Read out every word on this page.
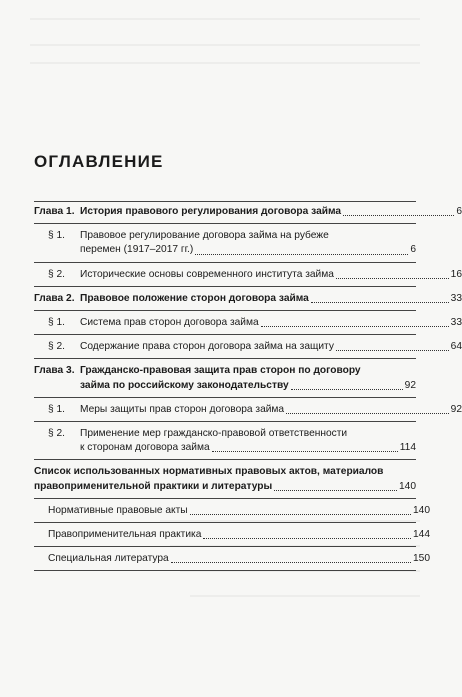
ОГЛАВЛЕНИЕ
Глава 1. История правового регулирования договора займа	6
§ 1.	Правовое регулирование договора займа на рубеже
перемен (1917–2017 гг.)	6
§ 2.	Исторические основы современного института займа	16
Глава 2. Правовое положение сторон договора займа	33
§ 1.	Система прав сторон договора займа	33
§ 2.	Содержание права сторон договора займа на защиту	64
Глава 3. Гражданско-правовая защита прав сторон по договору
займа по российскому законодательству	92
§ 1.	Меры защиты прав сторон договора займа	92
§ 2.	Применение мер гражданско-правовой ответственности
к сторонам договора займа	114
Список использованных нормативных правовых актов, материалов
правоприменительной практики и литературы	140
Нормативные правовые акты	140
Правоприменительная практика	144
Специальная литература	150
